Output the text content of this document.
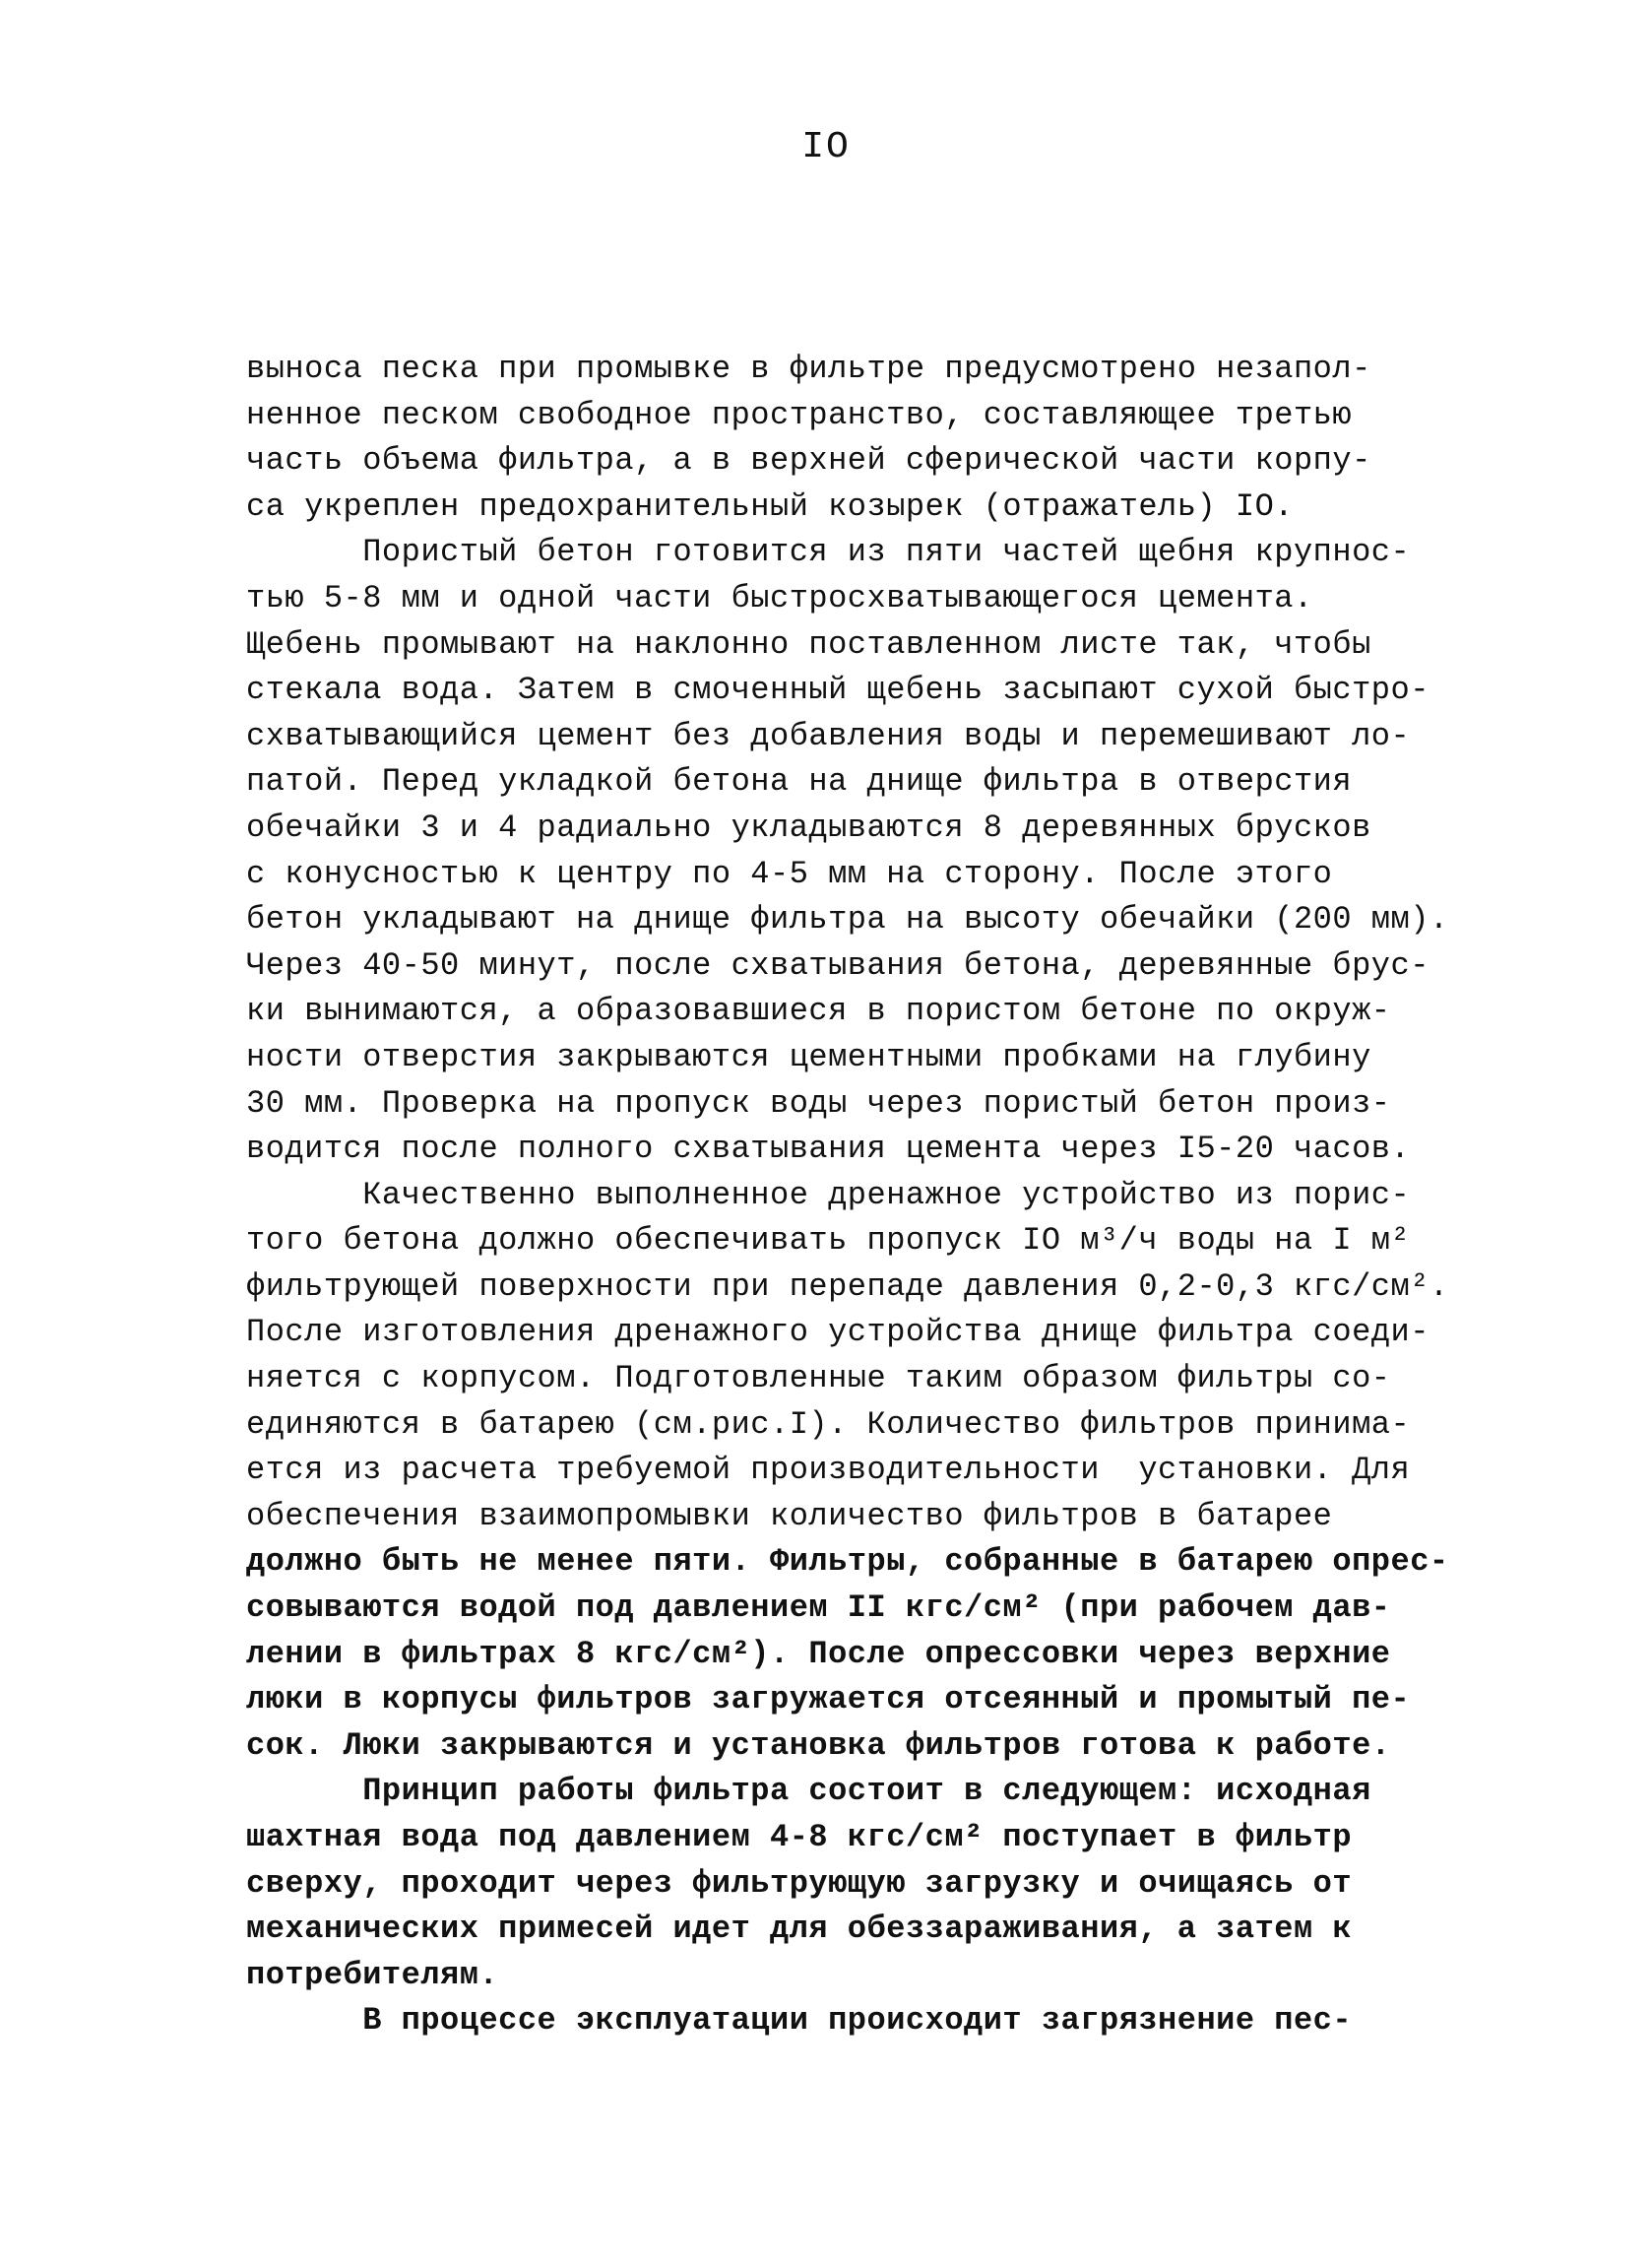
IO
выноса песка при промывке в фильтре предусмотрено незапол-
ненное песком свободное пространство, составляющее третью
часть объема фильтра, а в верхней сферической части корпу-
са укреплен предохранительный козырек (отражатель) IO.
Пористый бетон готовится из пяти частей щебня крупнос-
тью 5-8 мм и одной части быстросхватывающегося цемента.
Щебень промывают на наклонно поставленном листе так, чтобы
стекала вода. Затем в смоченный щебень засыпают сухой быстро-
схватывающийся цемент без добавления воды и перемешивают ло-
патой. Перед укладкой бетона на днище фильтра в отверстия
обечайки 3 и 4 радиально укладываются 8 деревянных брусков
с конусностью к центру по 4-5 мм на сторону. После этого
бетон укладывают на днище фильтра на высоту обечайки (200 мм).
Через 40-50 минут, после схватывания бетона, деревянные брус-
ки вынимаются, а образовавшиеся в пористом бетоне по окруж-
ности отверстия закрываются цементными пробками на глубину
30 мм. Проверка на пропуск воды через пористый бетон произ-
водится после полного схватывания цемента через I5-20 часов.
Качественно выполненное дренажное устройство из порис-
того бетона должно обеспечивать пропуск IO м³/ч воды на I м²
фильтрующей поверхности при перепаде давления 0,2-0,3 кгс/см².
После изготовления дренажного устройства днище фильтра соеди-
няется с корпусом. Подготовленные таким образом фильтры со-
единяются в батарею (см.рис.I). Количество фильтров принима-
ется из расчета требуемой производительности  установки. Для
обеспечения взаимопромывки количество фильтров в батарее
должно быть не менее пяти. Фильтры, собранные в батарею опрес-
совываются водой под давлением II кгс/см² (при рабочем дав-
лении в фильтрах 8 кгс/см²). После опрессовки через верхние
люки в корпусы фильтров загружается отсеянный и промытый пе-
сок. Люки закрываются и установка фильтров готова к работе.
Принцип работы фильтра состоит в следующем: исходная
шахтная вода под давлением 4-8 кгс/см² поступает в фильтр
сверху, проходит через фильтрующую загрузку и очищаясь от
механических примесей идет для обеззараживания, а затем к
потребителям.
В процессе эксплуатации происходит загрязнение пес-
